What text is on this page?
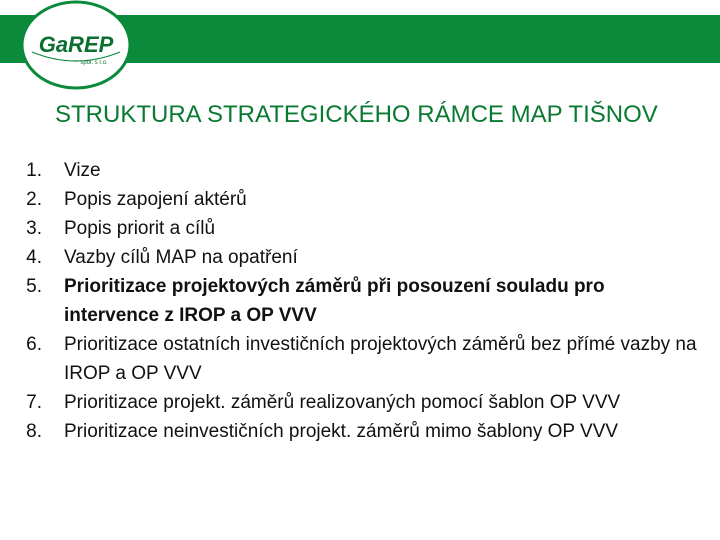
GaREP
spol. s r.o.
STRUKTURA STRATEGICKÉHO RÁMCE MAP TIŠNOV
1. Vize
2. Popis zapojení aktérů
3. Popis priorit a cílů
4. Vazby cílů MAP na opatření
5. Prioritizace projektových záměrů při posouzení souladu pro intervence z IROP a OP VVV
6. Prioritizace ostatních investičních projektových záměrů bez přímé vazby na IROP a OP VVV
7. Prioritizace projekt. záměrů realizovaných pomocí šablon OP VVV
8. Prioritizace neinvestičních projekt. záměrů mimo šablony OP VVV
